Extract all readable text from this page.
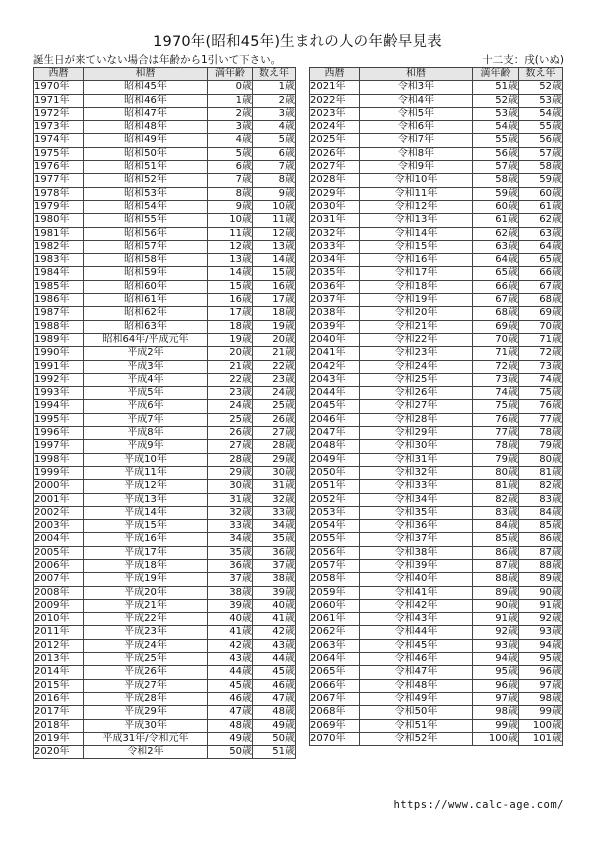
1970年(昭和45年)生まれの人の年齢早見表
誕生日が来ていない場合は年齢から1引いて下さい。	十二支：戌(いぬ)
西暦	和暦	満年齢	数え年
1970年	昭和45年	0歳	1歳
1971年	昭和46年	1歳	2歳
1972年	昭和47年	2歳	3歳
1973年	昭和48年	3歳	4歳
1974年	昭和49年	4歳	5歳
1975年	昭和50年	5歳	6歳
1976年	昭和51年	6歳	7歳
1977年	昭和52年	7歳	8歳
1978年	昭和53年	8歳	9歳
1979年	昭和54年	9歳	10歳
1980年	昭和55年	10歳	11歳
1981年	昭和56年	11歳	12歳
1982年	昭和57年	12歳	13歳
1983年	昭和58年	13歳	14歳
1984年	昭和59年	14歳	15歳
1985年	昭和60年	15歳	16歳
1986年	昭和61年	16歳	17歳
1987年	昭和62年	17歳	18歳
1988年	昭和63年	18歳	19歳
1989年	昭和64年/平成元年	19歳	20歳
1990年	平成2年	20歳	21歳
1991年	平成3年	21歳	22歳
1992年	平成4年	22歳	23歳
1993年	平成5年	23歳	24歳
1994年	平成6年	24歳	25歳
1995年	平成7年	25歳	26歳
1996年	平成8年	26歳	27歳
1997年	平成9年	27歳	28歳
1998年	平成10年	28歳	29歳
1999年	平成11年	29歳	30歳
2000年	平成12年	30歳	31歳
2001年	平成13年	31歳	32歳
2002年	平成14年	32歳	33歳
2003年	平成15年	33歳	34歳
2004年	平成16年	34歳	35歳
2005年	平成17年	35歳	36歳
2006年	平成18年	36歳	37歳
2007年	平成19年	37歳	38歳
2008年	平成20年	38歳	39歳
2009年	平成21年	39歳	40歳
2010年	平成22年	40歳	41歳
2011年	平成23年	41歳	42歳
2012年	平成24年	42歳	43歳
2013年	平成25年	43歳	44歳
2014年	平成26年	44歳	45歳
2015年	平成27年	45歳	46歳
2016年	平成28年	46歳	47歳
2017年	平成29年	47歳	48歳
2018年	平成30年	48歳	49歳
2019年	平成31年/令和元年	49歳	50歳
2020年	令和2年	50歳	51歳
西暦	和暦	満年齢	数え年
2021年	令和3年	51歳	52歳
2022年	令和4年	52歳	53歳
2023年	令和5年	53歳	54歳
2024年	令和6年	54歳	55歳
2025年	令和7年	55歳	56歳
2026年	令和8年	56歳	57歳
2027年	令和9年	57歳	58歳
2028年	令和10年	58歳	59歳
2029年	令和11年	59歳	60歳
2030年	令和12年	60歳	61歳
2031年	令和13年	61歳	62歳
2032年	令和14年	62歳	63歳
2033年	令和15年	63歳	64歳
2034年	令和16年	64歳	65歳
2035年	令和17年	65歳	66歳
2036年	令和18年	66歳	67歳
2037年	令和19年	67歳	68歳
2038年	令和20年	68歳	69歳
2039年	令和21年	69歳	70歳
2040年	令和22年	70歳	71歳
2041年	令和23年	71歳	72歳
2042年	令和24年	72歳	73歳
2043年	令和25年	73歳	74歳
2044年	令和26年	74歳	75歳
2045年	令和27年	75歳	76歳
2046年	令和28年	76歳	77歳
2047年	令和29年	77歳	78歳
2048年	令和30年	78歳	79歳
2049年	令和31年	79歳	80歳
2050年	令和32年	80歳	81歳
2051年	令和33年	81歳	82歳
2052年	令和34年	82歳	83歳
2053年	令和35年	83歳	84歳
2054年	令和36年	84歳	85歳
2055年	令和37年	85歳	86歳
2056年	令和38年	86歳	87歳
2057年	令和39年	87歳	88歳
2058年	令和40年	88歳	89歳
2059年	令和41年	89歳	90歳
2060年	令和42年	90歳	91歳
2061年	令和43年	91歳	92歳
2062年	令和44年	92歳	93歳
2063年	令和45年	93歳	94歳
2064年	令和46年	94歳	95歳
2065年	令和47年	95歳	96歳
2066年	令和48年	96歳	97歳
2067年	令和49年	97歳	98歳
2068年	令和50年	98歳	99歳
2069年	令和51年	99歳	100歳
2070年	令和52年	100歳	101歳
https://www.calc-age.com/
